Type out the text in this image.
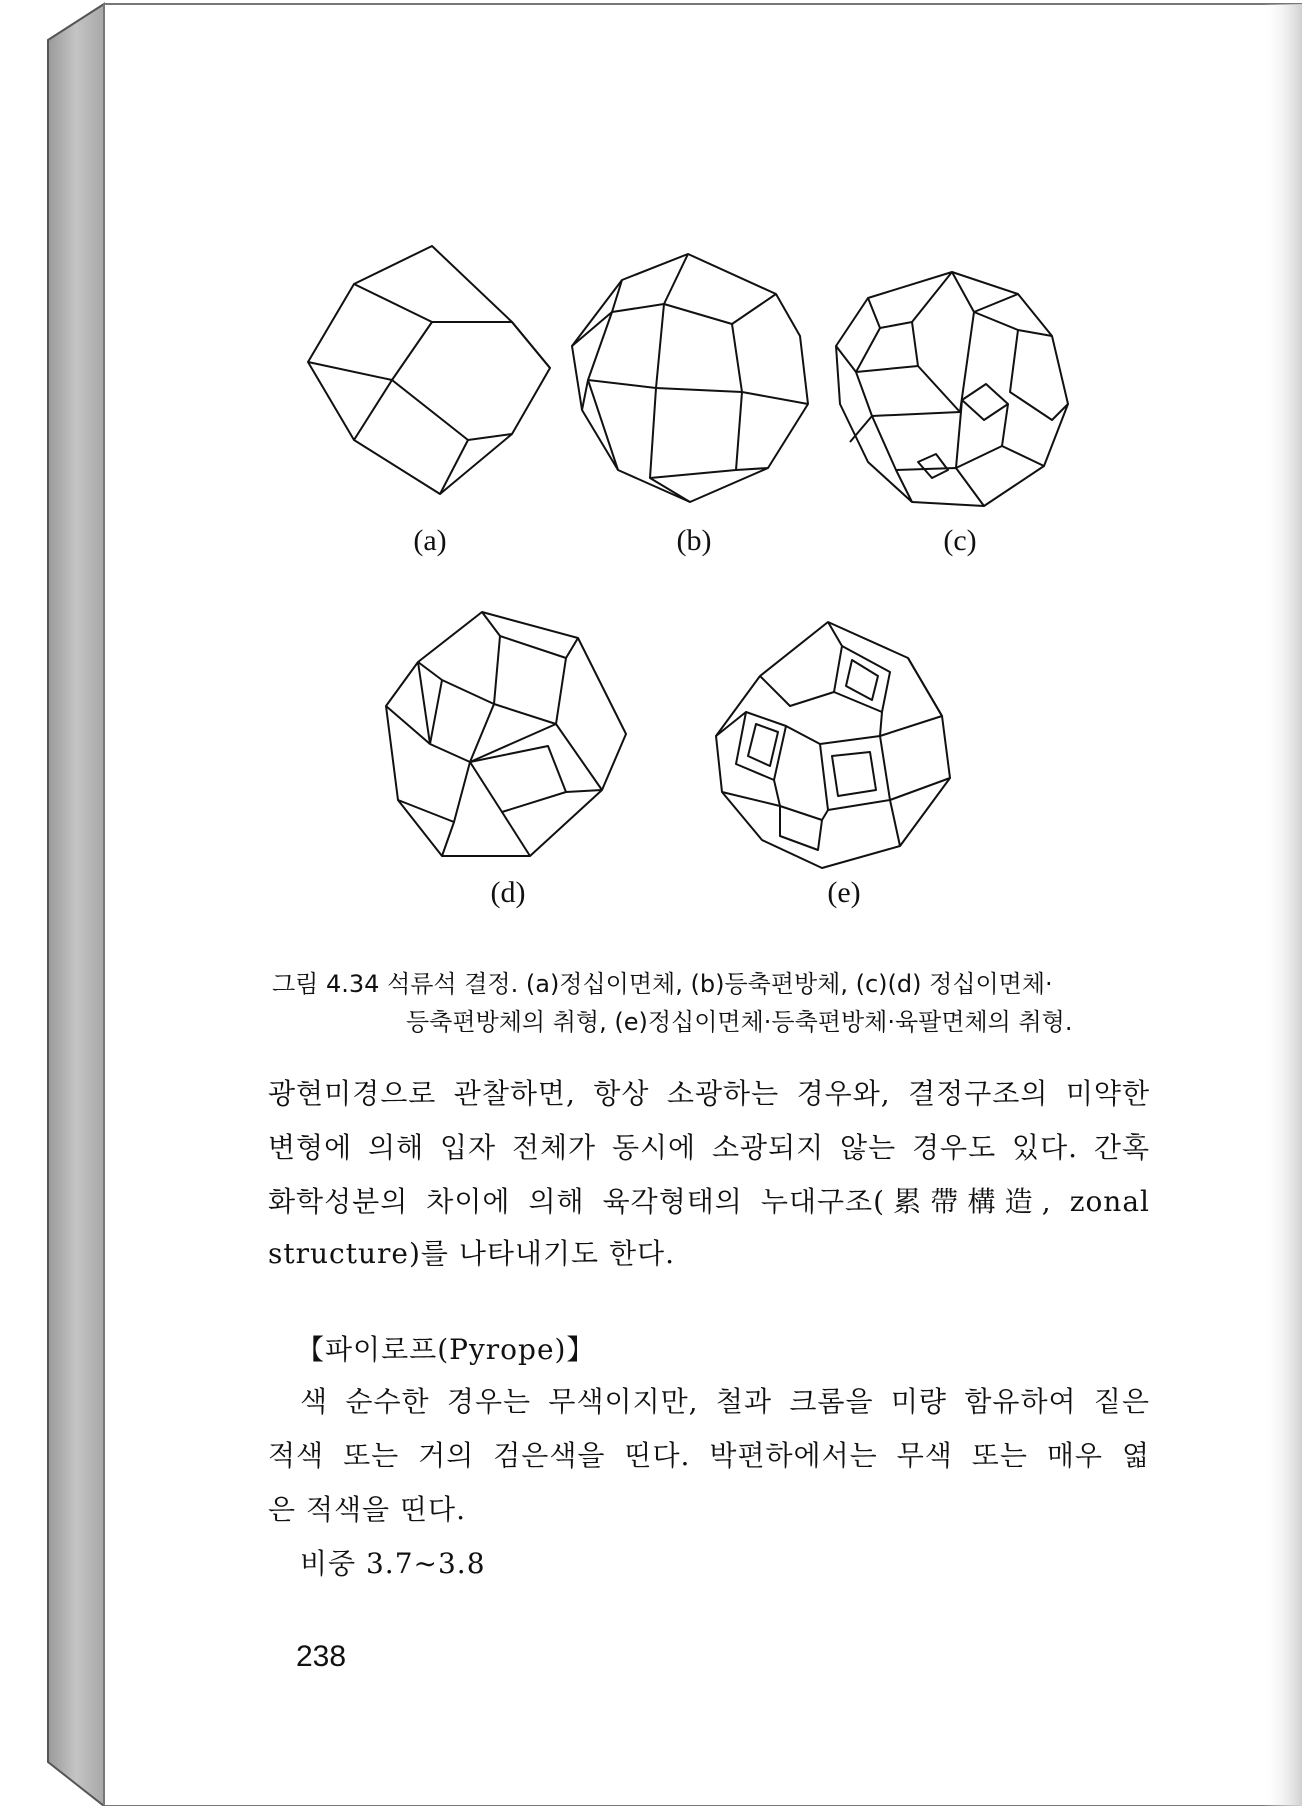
(a)	(b)	(c)
(d)	(e)
그림 4.34 석류석 결정. (a)정십이면체, (b)등축편방체, (c)(d) 정십이면체·
등축편방체의 취형, (e)정십이면체·등축편방체·육팔면체의 취형.
광현미경으로 관찰하면, 항상 소광하는 경우와, 결정구조의 미약한
변형에 의해 입자 전체가 동시에 소광되지 않는 경우도 있다. 간혹
화학성분의 차이에 의해 육각형태의 누대구조(累帶構造, zonal
structure)를 나타내기도 한다.
【파이로프(Pyrope)】
색 순수한 경우는 무색이지만, 철과 크롬을 미량 함유하여 짙은
적색 또는 거의 검은색을 띤다. 박편하에서는 무색 또는 매우 엷
은 적색을 띤다.
비중 3.7∼3.8
238
